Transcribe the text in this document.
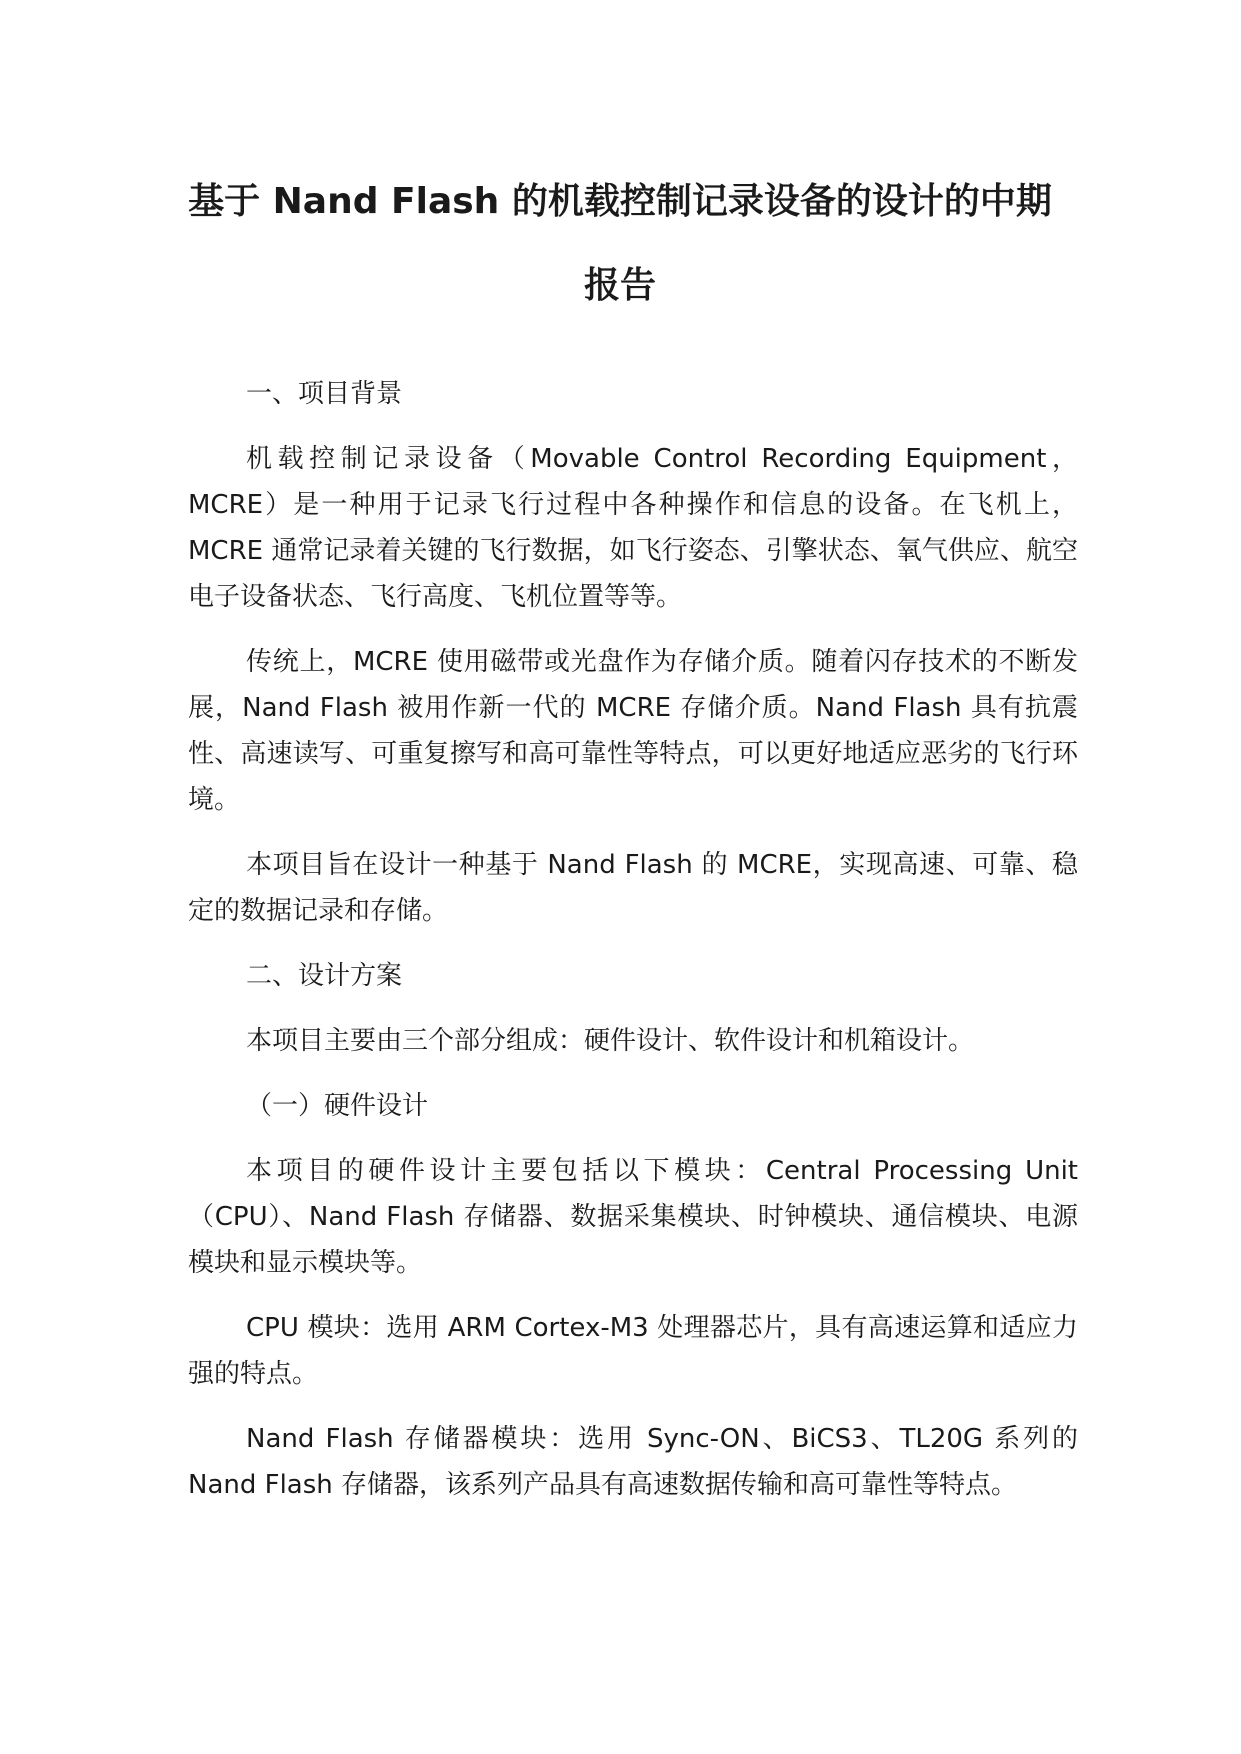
基于 Nand Flash 的机载控制记录设备的设计的中期
报告

一、项目背景

机载控制记录设备（Movable Control Recording Equipment，MCRE）是一种用于记录飞行过程中各种操作和信息的设备。在飞机上，MCRE 通常记录着关键的飞行数据，如飞行姿态、引擎状态、氧气供应、航空电子设备状态、飞行高度、飞机位置等等。

传统上，MCRE 使用磁带或光盘作为存储介质。随着闪存技术的不断发展，Nand Flash 被用作新一代的 MCRE 存储介质。Nand Flash 具有抗震性、高速读写、可重复擦写和高可靠性等特点，可以更好地适应恶劣的飞行环境。

本项目旨在设计一种基于 Nand Flash 的 MCRE，实现高速、可靠、稳定的数据记录和存储。

二、设计方案

本项目主要由三个部分组成：硬件设计、软件设计和机箱设计。

（一）硬件设计

本项目的硬件设计主要包括以下模块：Central Processing Unit（CPU）、Nand Flash 存储器、数据采集模块、时钟模块、通信模块、电源模块和显示模块等。

CPU 模块：选用 ARM Cortex-M3 处理器芯片，具有高速运算和适应力强的特点。

Nand Flash 存储器模块：选用 Sync-ON、BiCS3、TL20G 系列的 Nand Flash 存储器，该系列产品具有高速数据传输和高可靠性等特点。
